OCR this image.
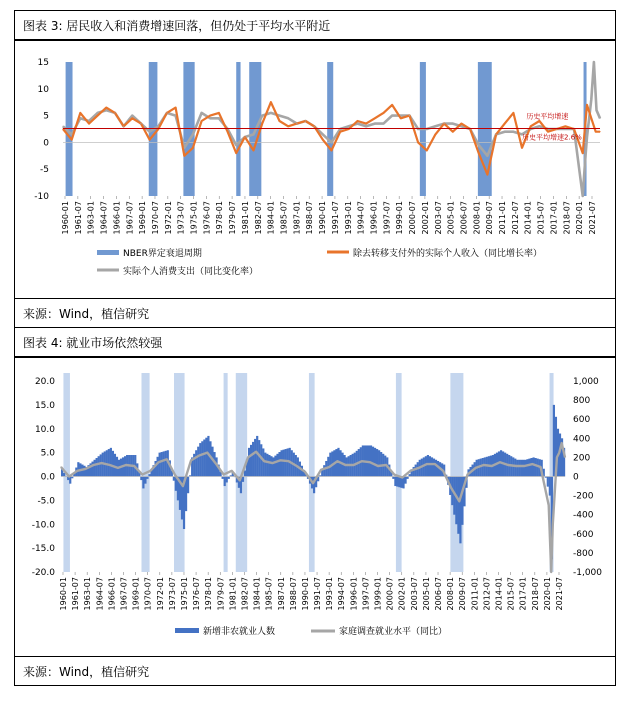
图表 3: 居民收入和消费增速回落，但仍处于平均水平附近
15
10
5
0
-5
-10
历史平均增速
历史平均增速2.6%
1960-01 1961-07 1963-01 1964-07 1966-01 1967-07 1969-01 1970-07 1972-01 1973-07 1975-01 1976-07 1978-01 1979-07 1981-01 1982-07 1984-01 1985-07 1987-01 1988-07 1990-01 1991-07 1993-01 1994-07 1996-01 1997-07 1999-01 2000-07 2002-01 2003-07 2005-01 2006-07 2008-01 2009-07 2011-01 2012-07 2014-01 2015-07 2017-01 2018-07 2020-01 2021-07
NBER界定衰退周期	除去转移支付外的实际个人收入（同比增长率）
实际个人消费支出（同比变化率）
来源：Wind，植信研究
图表 4: 就业市场依然较强
20.0
15.0
10.0
5.0
0.0
-5.0
-10.0
-15.0
-20.0
1,000
800
600
400
200
0
-200
-400
-600
-800
-1,000
1960-01 1961-07 1963-01 1964-07 1966-01 1967-07 1969-01 1970-07 1972-01 1973-07 1975-01 1976-07 1978-01 1979-07 1981-01 1982-07 1984-01 1985-07 1987-01 1988-07 1990-01 1991-07 1993-01 1994-07 1996-01 1997-07 1999-01 2000-07 2002-01 2003-07 2005-01 2006-07 2008-01 2009-07 2011-01 2012-07 2014-01 2015-07 2017-01 2018-07 2020-01 2021-07
新增非农就业人数	家庭调查就业水平（同比）
来源：Wind，植信研究
